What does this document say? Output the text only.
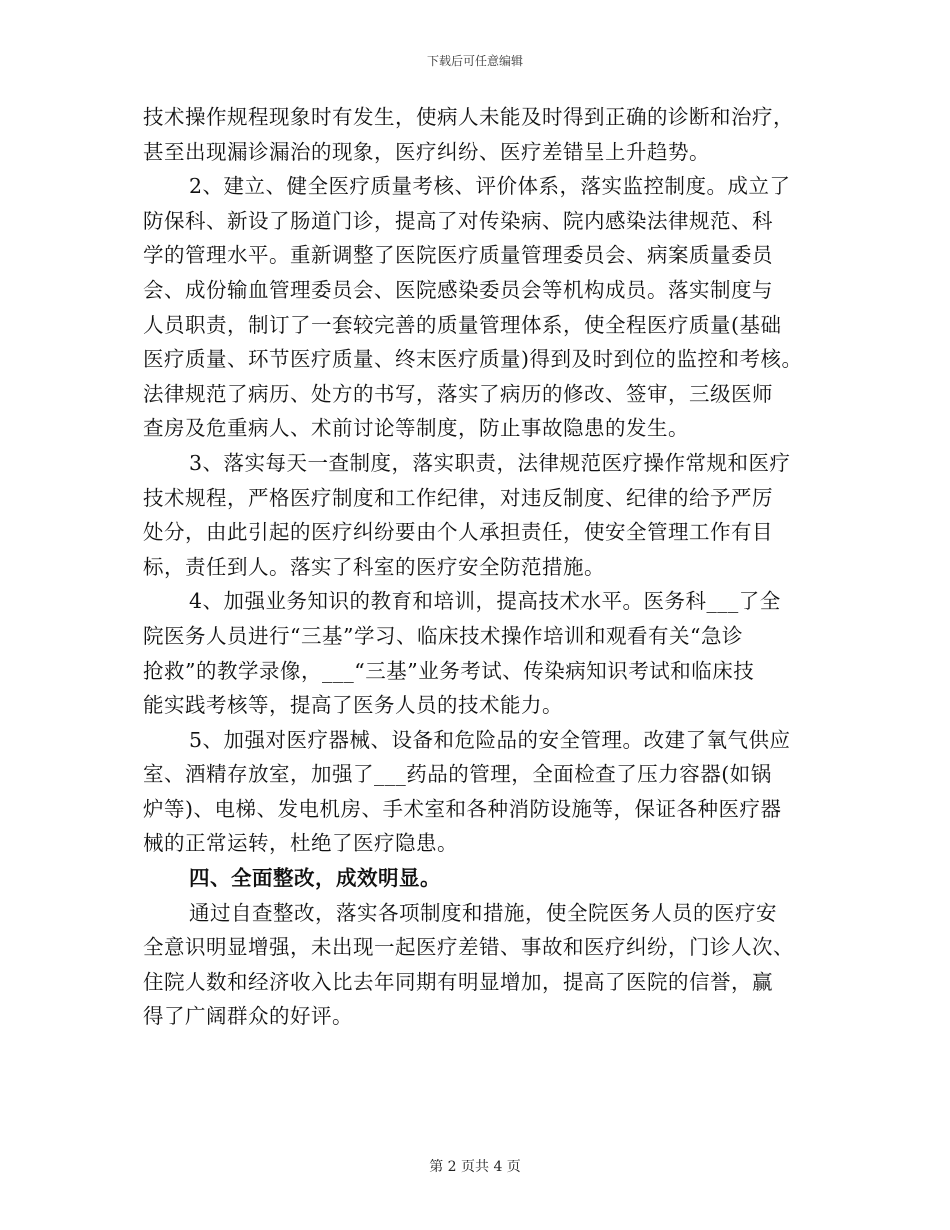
下载后可任意编辑
技术操作规程现象时有发生，使病人未能及时得到正确的诊断和治疗，
甚至出现漏诊漏治的现象，医疗纠纷、医疗差错呈上升趋势。
2、建立、健全医疗质量考核、评价体系，落实监控制度。成立了
防保科、新设了肠道门诊，提高了对传染病、院内感染法律规范、科
学的管理水平。重新调整了医院医疗质量管理委员会、病案质量委员
会、成份输血管理委员会、医院感染委员会等机构成员。落实制度与
人员职责，制订了一套较完善的质量管理体系，使全程医疗质量(基础
医疗质量、环节医疗质量、终末医疗质量)得到及时到位的监控和考核。
法律规范了病历、处方的书写，落实了病历的修改、签审，三级医师
查房及危重病人、术前讨论等制度，防止事故隐患的发生。
3、落实每天一查制度，落实职责，法律规范医疗操作常规和医疗
技术规程，严格医疗制度和工作纪律，对违反制度、纪律的给予严厉
处分，由此引起的医疗纠纷要由个人承担责任，使安全管理工作有目
标，责任到人。落实了科室的医疗安全防范措施。
4、加强业务知识的教育和培训，提高技术水平。医务科___了全
院医务人员进行“三基”学习、临床技术操作培训和观看有关“急诊
抢救”的教学录像，___“三基”业务考试、传染病知识考试和临床技
能实践考核等，提高了医务人员的技术能力。
5、加强对医疗器械、设备和危险品的安全管理。改建了氧气供应
室、酒精存放室，加强了___药品的管理，全面检查了压力容器(如锅
炉等)、电梯、发电机房、手术室和各种消防设施等，保证各种医疗器
械的正常运转，杜绝了医疗隐患。
四、全面整改，成效明显。
通过自查整改，落实各项制度和措施，使全院医务人员的医疗安
全意识明显增强，未出现一起医疗差错、事故和医疗纠纷，门诊人次、
住院人数和经济收入比去年同期有明显增加，提高了医院的信誉，赢
得了广阔群众的好评。
第 2 页共 4 页
